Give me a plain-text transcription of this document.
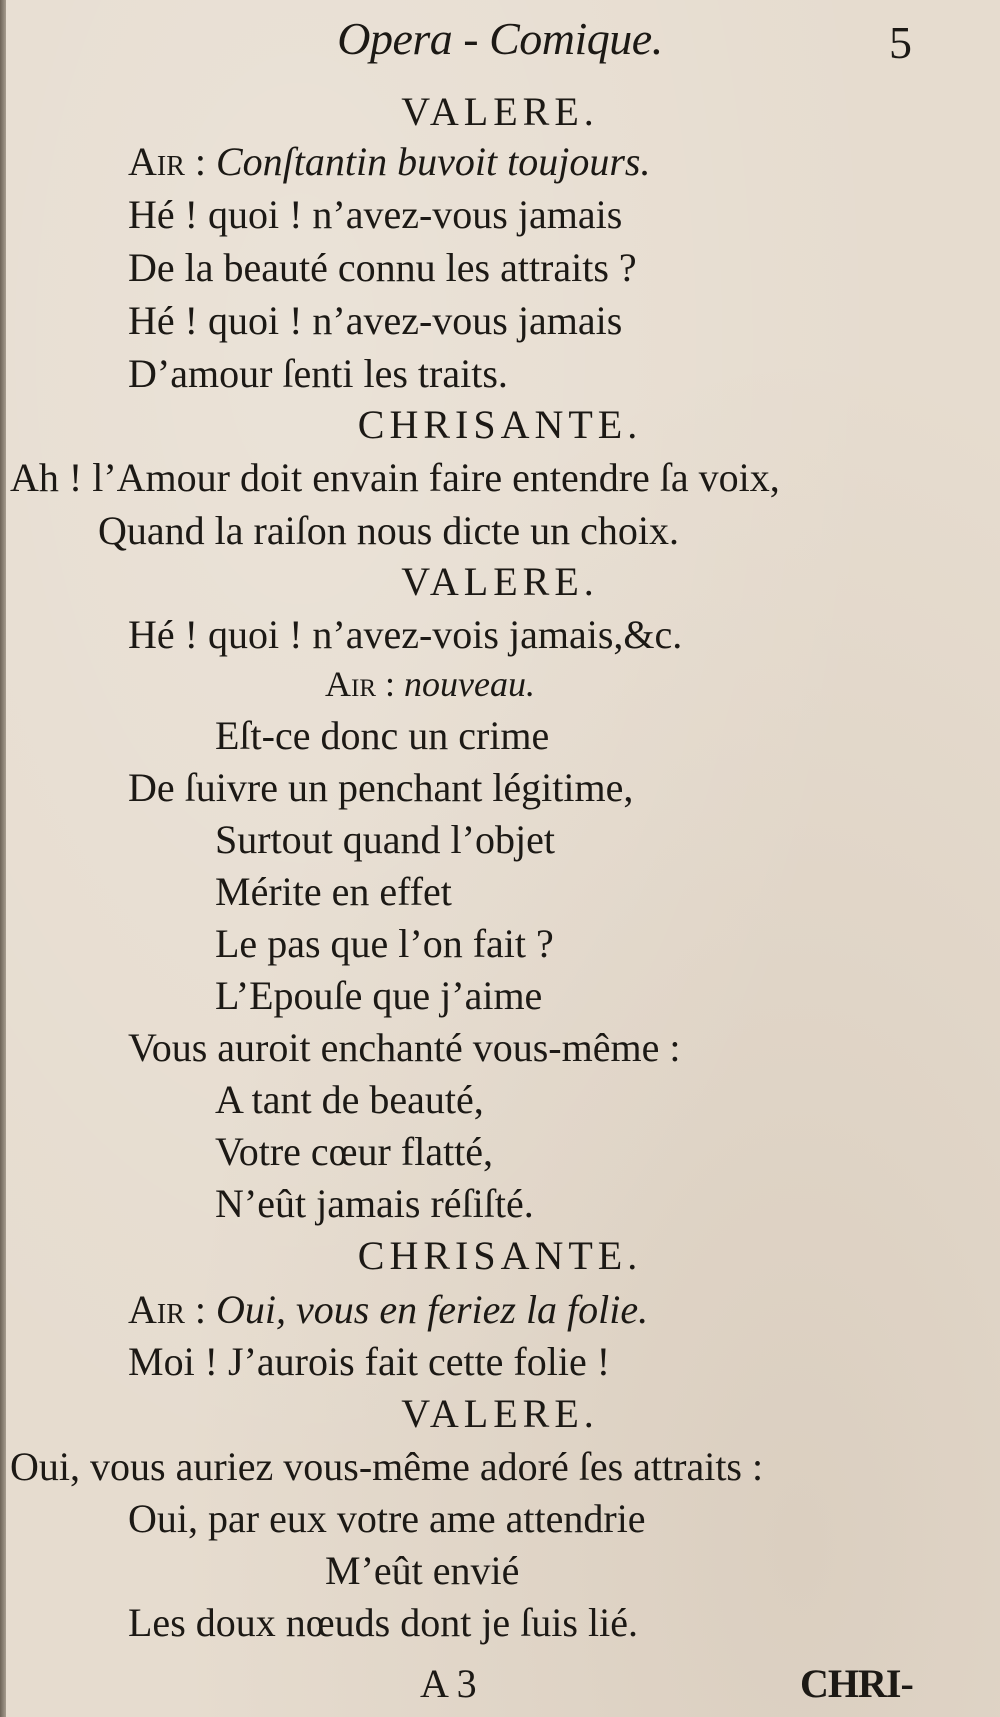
Opera - Comique.	5
VALERE.
Air : Conſtantin buvoit toujours.
Hé ! quoi ! n’avez-vous jamais
De la beauté connu les attraits ?
Hé ! quoi ! n’avez-vous jamais
D’amour ſenti les traits.
CHRISANTE.
Ah ! l’Amour doit envain faire entendre ſa voix,
Quand la raiſon nous dicte un choix.
VALERE.
Hé ! quoi ! n’avez-vois jamais,&c.
Air : nouveau.
Eſt-ce donc un crime
De ſuivre un penchant légitime,
Surtout quand l’objet
Mérite en effet
Le pas que l’on fait ?
L’Epouſe que j’aime
Vous auroit enchanté vous-même :
A tant de beauté,
Votre cœur flatté,
N’eût jamais réſiſté.
CHRISANTE.
Air : Oui, vous en feriez la folie.
Moi ! J’aurois fait cette folie !
VALERE.
Oui, vous auriez vous-même adoré ſes attraits :
Oui, par eux votre ame attendrie
M’eût envié
Les doux nœuds dont je ſuis lié.
A 3	CHRI-
